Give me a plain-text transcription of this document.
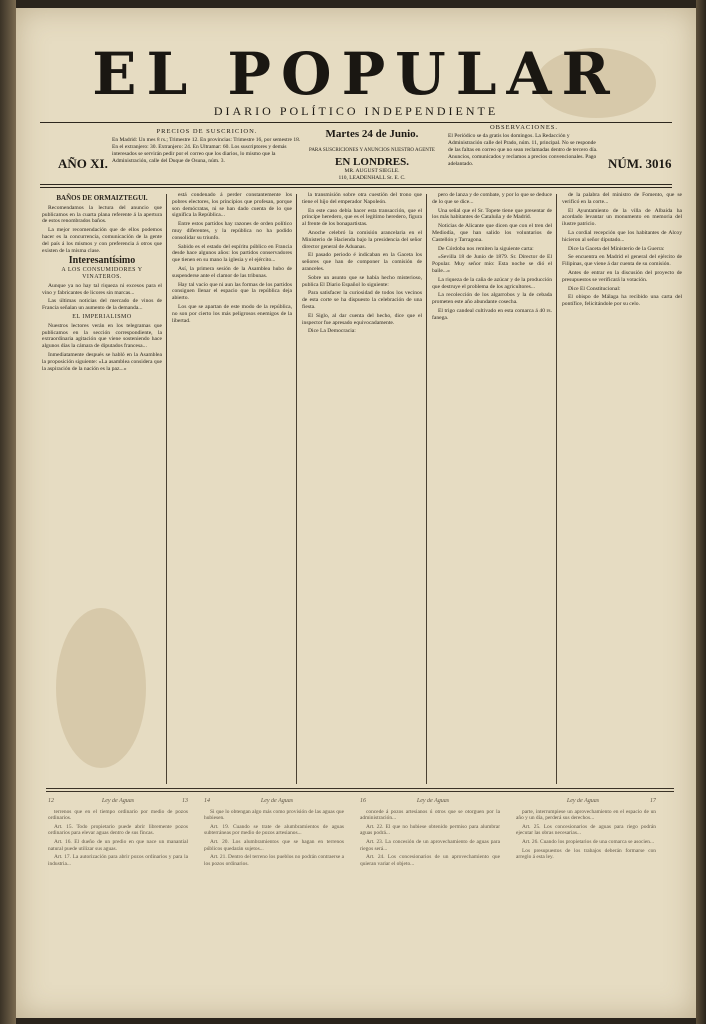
EL POPULAR
DIARIO POLÍTICO INDEPENDIENTE
AÑO XI.	NÚM. 3016
PRECIOS DE SUSCRICION.
En Madrid: Un mes 8 rs.; Trimestre 12. En provincias: Trimestre 16, por semestre 18. En el extranjero: 30. Extranjero: 24. En Ultramar: 60. Los suscriptores y demás interesados se servirán pedir por el correo que los diarios, lo mismo que la Administración, calle del Duque de Osuna, núm. 3.
Martes 24 de Junio.
PARA SUSCRICIONES Y ANUNCIOS NUESTRO AGENTE
EN LONDRES.
MR. AUGUST SIEGLE.
110, LEADENHALL St. E. C.
OBSERVACIONES.
El Periódico se da gratis los domingos. La Redacción y Administración calle del Prado, núm. 11, principal. No se responde de las faltas en correo que no sean reclamadas dentro de tercero día. Anuncios, comunicados y reclamos a precios convencionales. Pago adelantado.

BAÑOS DE ORMAIZTEGUI.

Recomendamos la lectura del anuncio que publicamos en la cuarta plana referente á la apertura de estos renombrados baños.

La mejor recomendación que de ellos podemos hacer es la concurrencia, comunicación de la gente del país á los mismos y con preferencia á otros que existen de la misma clase.

Interesantísimo

A LOS CONSUMIDORES Y VINATEROS.

Aunque ya no hay tal riqueza ni excesos para el vino y fabricantes de licores sin marcas...

Las últimas noticias del mercado de vinos de Francia señalan un aumento de la demanda...

EL IMPERIALISMO

Nuestros lectores verán en los telegramas que publicamos en la sección correspondiente, la extraordinaria agitación que viene sosteniendo hace algunos días la cámara de diputados francesa...

Inmediatamente después se habló en la Asamblea la proposición siguiente: «La asamblea considera que la aspiración de la nación es la paz...»

está condenado á perder constantemente los pobres electores, los principios que profesan, porque son demócratas, ni se han dado cuenta de lo que significa la República...

Entre estos partidos hay razones de orden político muy diferentes, y la república no ha podido consolidar su triunfo.

Sabido es el estado del espíritu público en Francia desde hace algunos años: los partidos conservadores que tienen en su mano la iglesia y el ejército...

Así, la primera sesión de la Asamblea hubo de suspenderse ante el clamor de las tribunas.

Hay tal vacío que ni aun las formas de los partidos consiguen llenar el espacio que la república deja abierto.

Los que se apartan de este modo de la república, no son por cierto los más peligrosos enemigos de la libertad.

la transmisión sobre otra cuestión del trono que tiene el hijo del emperador Napoleón.

En este caso debía hacer esta transacción, que el príncipe heredero, que es el legítimo heredero, figura al frente de los bonapartistas.

Anoche celebró la comisión arancelaria en el Ministerio de Hacienda bajo la presidencia del señor director general de Aduanas.

El pasado periodo é indicaban en la Gaceta los señores que han de componer la comisión de aranceles.

Sobre un asunto que se había hecho misterioso, publica El Diario Español lo siguiente:

Para satisfacer la curiosidad de todos los vecinos de esta corte se ha dispuesto la celebración de una fiesta.

El Siglo, al dar cuenta del hecho, dice que el inspector fue apresado equivocadamente.

Dice La Democracia:

pero de lanza y de combate, y por lo que se deduce de lo que se dice...

Una señal que el Sr. Topete tiene que presentar de los más habitantes de Cataluña y de Madrid.

Noticias de Alicante que dicen que con el tren del Mediodía, que han salido los voluntarios de Castellón y Tarragona.

De Córdoba nos remiten la siguiente carta:

«Sevilla 18 de Junio de 1879. Sr. Director de El Popular. Muy señor mío: Esta noche se dió el baile...»

La riqueza de la caña de azúcar y de la producción que destruye el problema de los agricultores...

La recolección de los algarrobos y la de cebada prometen este año abundante cosecha.

El trigo candeal cultivado en esta comarca á 40 rs. fanega.

de la palabra del ministro de Fomento, que se verificó en la corte...

El Ayuntamiento de la villa de Albaida ha acordado levantar un monumento en memoria del ilustre patricio.

La cordial recepción que los habitantes de Alcoy hicieron al señor diputado...

Dice la Gaceta del Ministerio de la Guerra:

Se encuentra en Madrid el general del ejército de Filipinas, que viene á dar cuenta de su comisión.

Antes de entrar en la discusión del proyecto de presupuestos se verificará la votación.

Dice El Constitucional:

El obispo de Málaga ha recibido una carta del pontífice, felicitándole por su celo.

12	Ley de Aguas	13

terrenos que en el tiempo ordinario por medio de pozos ordinarios.

Art. 15. Todo propietario puede abrir libremente pozos ordinarios para elevar aguas dentro de sus fincas.

Art. 16. El dueño de un predio en que nace un manantial natural puede utilizar sus aguas.

Art. 17. La autorización para abrir pozos ordinarios y para la industria...

14	Ley de Aguas

Si que lo obtengan algo más como provisión de las aguas que hubiesen.

Art. 19. Cuando se trate de alumbramientos de aguas subterráneas por medio de pozos artesianos...

Art. 20. Los alumbramientos que se hagan en terrenos públicos quedarán sujetos...

Art. 21. Dentro del terreno los pueblos no podrán contraerse a los pozos ordinarios.

16	Ley de Aguas

concede á pozos artesianos ú otros que se otorguen por la administración...

Art. 22. El que no hubiese obtenido permiso para alumbrar aguas podrá...

Art. 23. La concesión de un aprovechamiento de aguas para riegos será...

Art. 24. Los concesionarios de un aprovechamiento que quieran variar el objeto...

Ley de Aguas	17

parte, interrumpiese un aprovechamiento en el espacio de un año y un día, perderá sus derechos...

Art. 25. Los concesionarios de aguas para riego podrán ejecutar las obras necesarias...

Art. 26. Cuando los propietarios de una comarca se asocien...

Los presupuestos de los trabajos deberán formarse con arreglo á esta ley.
